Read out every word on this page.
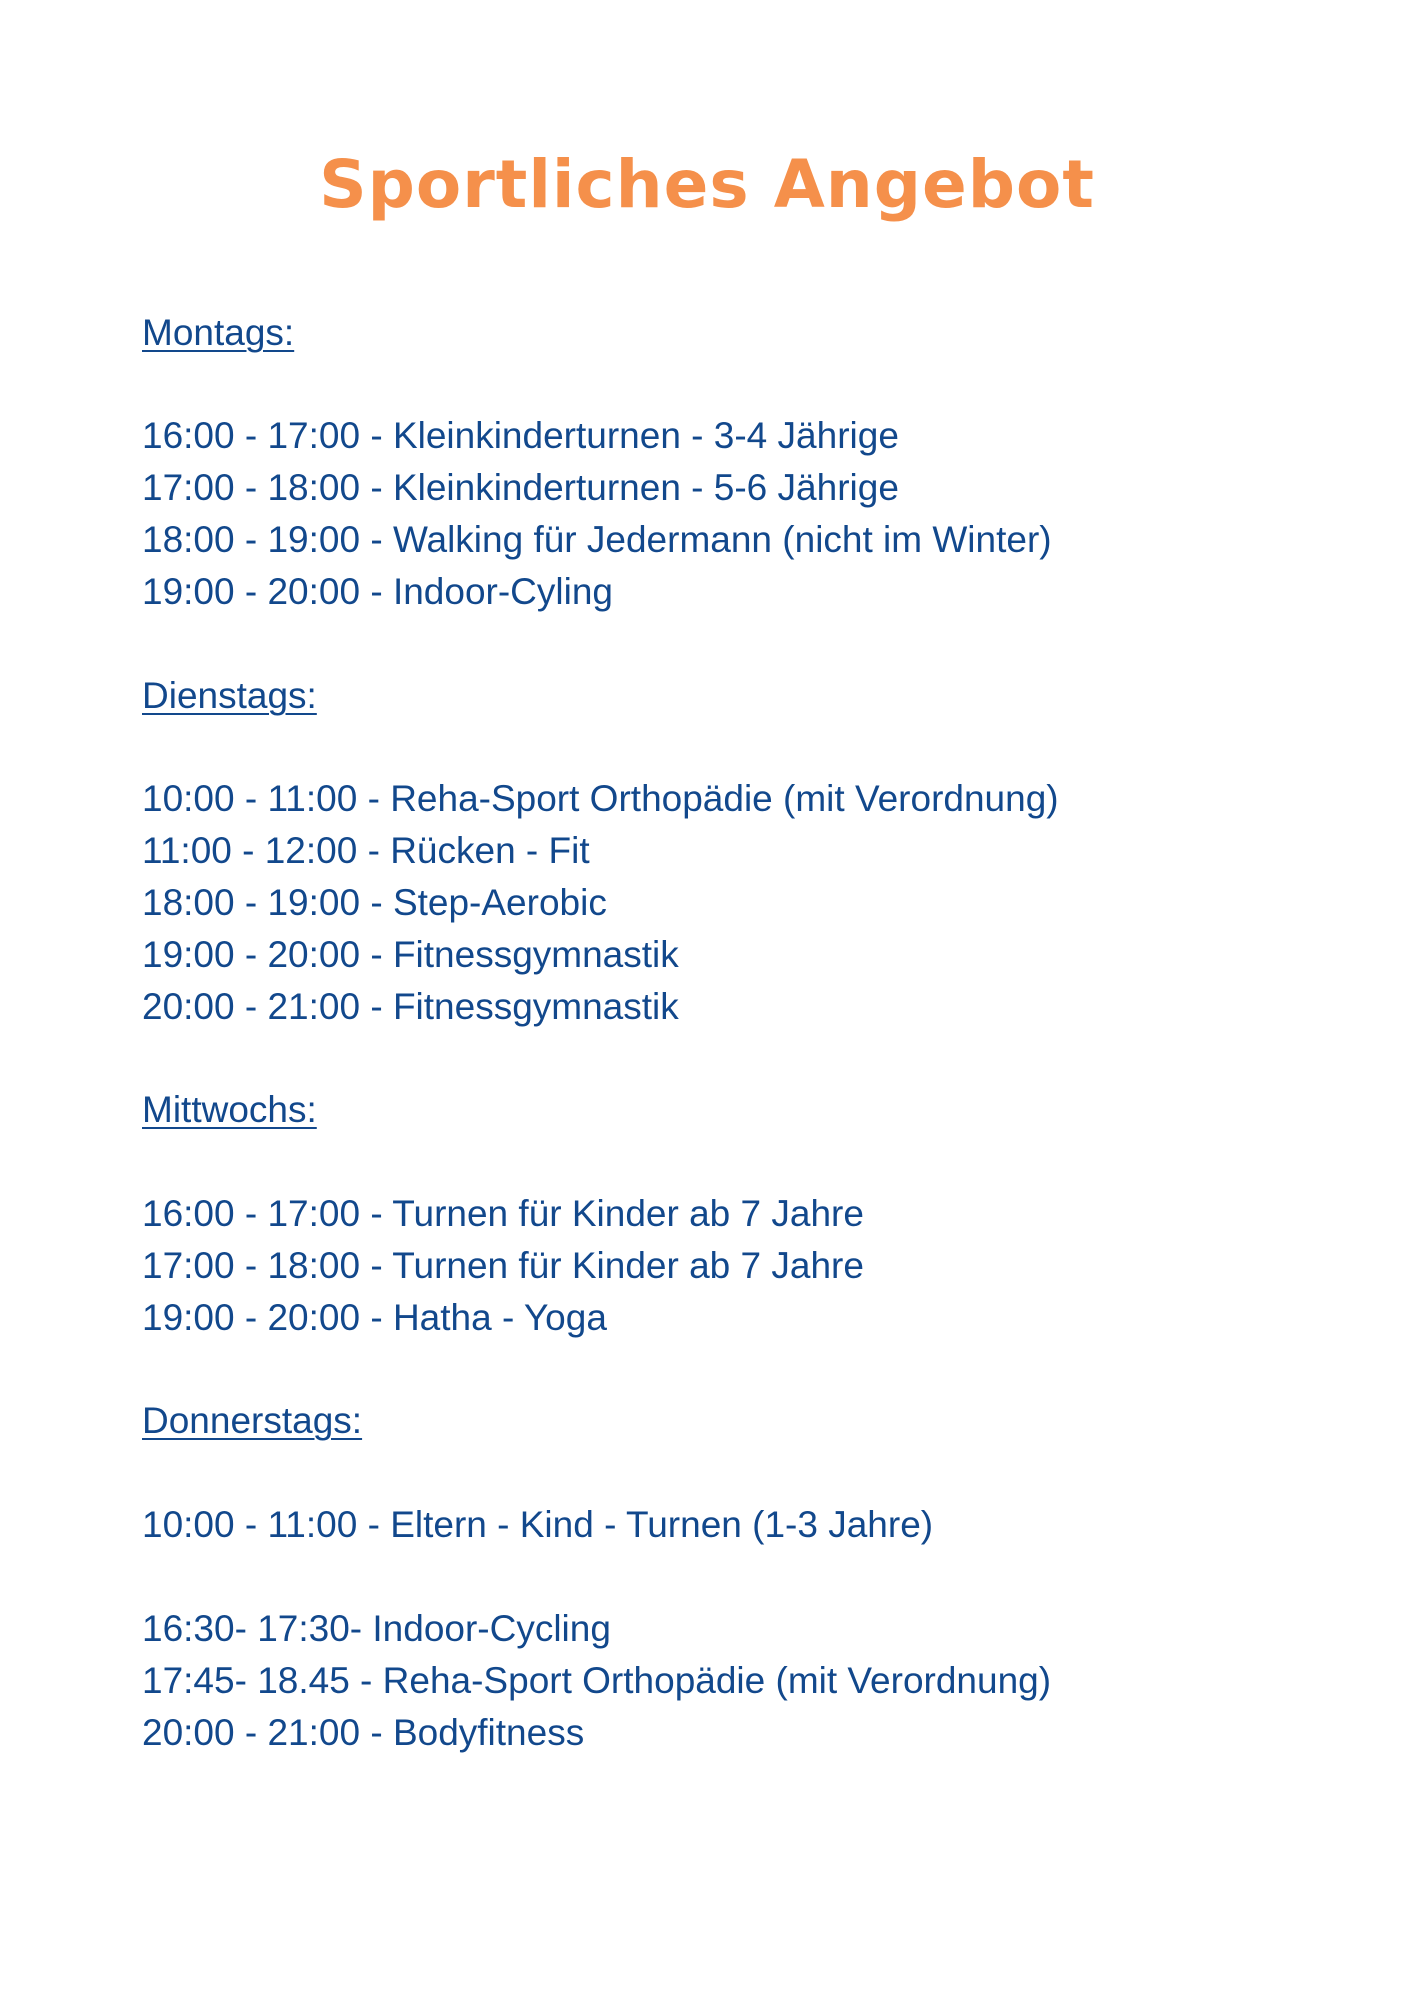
Sportliches Angebot
Montags:
16:00 - 17:00 - Kleinkinderturnen - 3-4 Jährige
17:00 - 18:00 - Kleinkinderturnen - 5-6 Jährige
18:00 - 19:00 - Walking für Jedermann (nicht im Winter)
19:00 - 20:00 - Indoor-Cyling
Dienstags:
10:00 - 11:00 - Reha-Sport Orthopädie (mit Verordnung)
11:00 - 12:00 - Rücken - Fit
18:00 - 19:00 - Step-Aerobic
19:00 - 20:00 - Fitnessgymnastik
20:00 - 21:00 - Fitnessgymnastik
Mittwochs:
16:00 - 17:00 - Turnen für Kinder ab 7 Jahre
17:00 - 18:00 - Turnen für Kinder ab 7 Jahre
19:00 - 20:00 - Hatha - Yoga
Donnerstags:
10:00 - 11:00 - Eltern - Kind - Turnen (1-3 Jahre)
16:30- 17:30- Indoor-Cycling
17:45- 18.45 - Reha-Sport Orthopädie (mit Verordnung)
20:00 - 21:00 - Bodyfitness
